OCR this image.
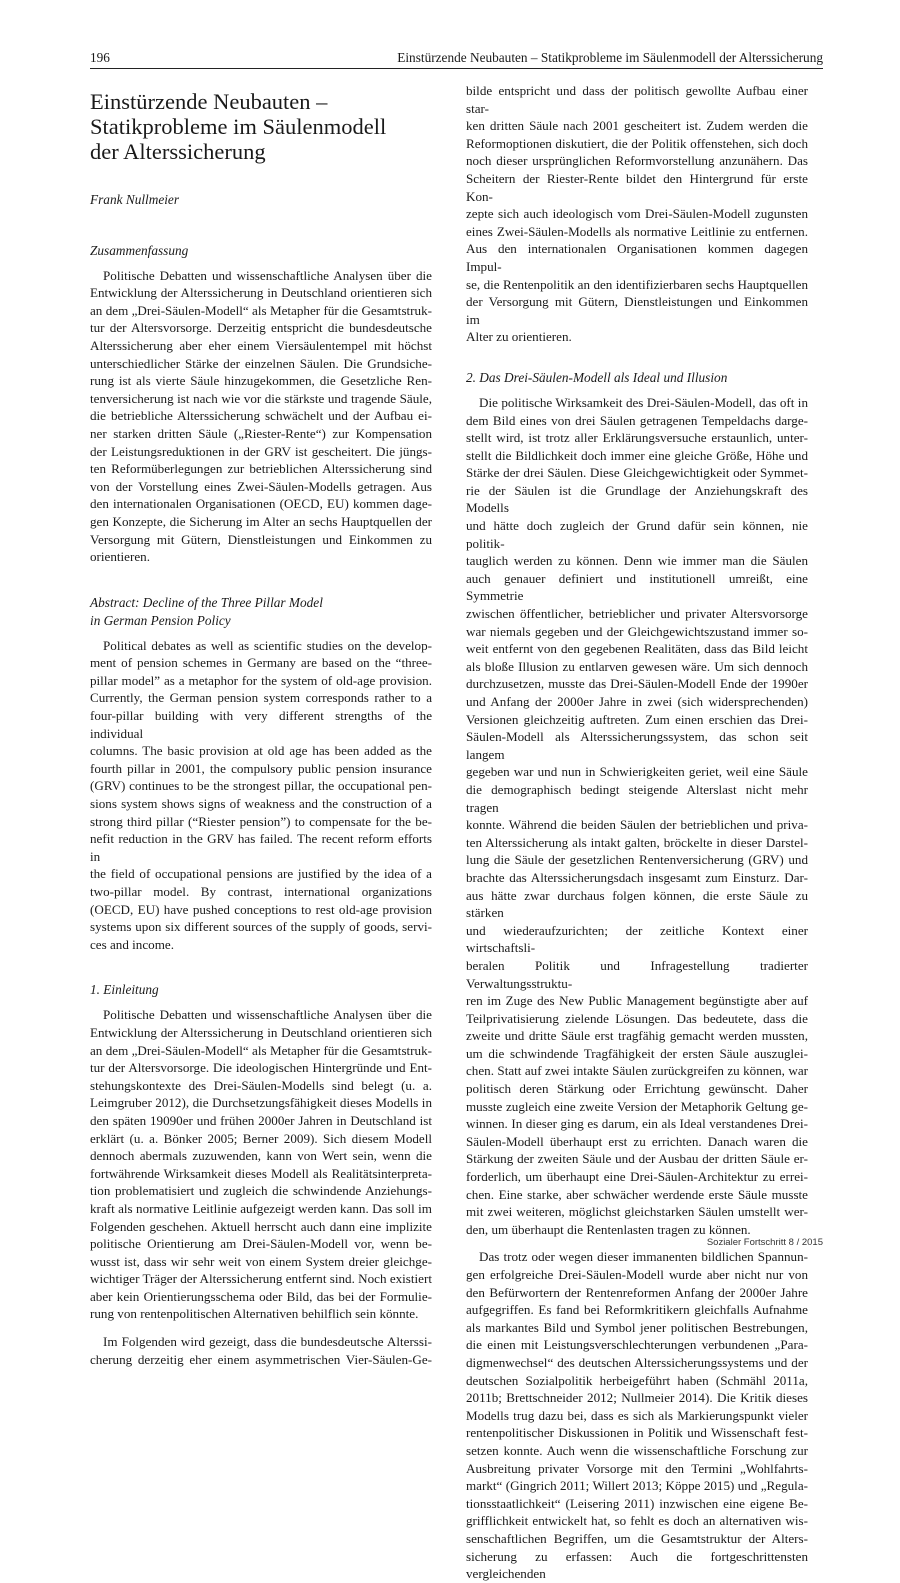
196	Einstürzende Neubauten – Statikprobleme im Säulenmodell der Alterssicherung
Einstürzende Neubauten –
Statikprobleme im Säulenmodell
der Alterssicherung
Frank Nullmeier
Zusammenfassung
Politische Debatten und wissenschaftliche Analysen über die
Entwicklung der Alterssicherung in Deutschland orientieren sich
an dem „Drei-Säulen-Modell“ als Metapher für die Gesamtstruk-
tur der Altersvorsorge. Derzeitig entspricht die bundesdeutsche
Alterssicherung aber eher einem Viersäulentempel mit höchst
unterschiedlicher Stärke der einzelnen Säulen. Die Grundsiche-
rung ist als vierte Säule hinzugekommen, die Gesetzliche Ren-
tenversicherung ist nach wie vor die stärkste und tragende Säule,
die betriebliche Alterssicherung schwächelt und der Aufbau ei-
ner starken dritten Säule („Riester-Rente“) zur Kompensation
der Leistungsreduktionen in der GRV ist gescheitert. Die jüngs-
ten Reformüberlegungen zur betrieblichen Alterssicherung sind
von der Vorstellung eines Zwei-Säulen-Modells getragen. Aus
den internationalen Organisationen (OECD, EU) kommen dage-
gen Konzepte, die Sicherung im Alter an sechs Hauptquellen der
Versorgung mit Gütern, Dienstleistungen und Einkommen zu
orientieren.
Abstract: Decline of the Three Pillar Model
in German Pension Policy
Political debates as well as scientific studies on the develop-
ment of pension schemes in Germany are based on the “three-
pillar model” as a metaphor for the system of old-age provision.
Currently, the German pension system corresponds rather to a
four-pillar building with very different strengths of the individual
columns. The basic provision at old age has been added as the
fourth pillar in 2001, the compulsory public pension insurance
(GRV) continues to be the strongest pillar, the occupational pen-
sions system shows signs of weakness and the construction of a
strong third pillar (“Riester pension”) to compensate for the be-
nefit reduction in the GRV has failed. The recent reform efforts in
the field of occupational pensions are justified by the idea of a
two-pillar model. By contrast, international organizations
(OECD, EU) have pushed conceptions to rest old-age provision
systems upon six different sources of the supply of goods, servi-
ces and income.
1. Einleitung
Politische Debatten und wissenschaftliche Analysen über die
Entwicklung der Alterssicherung in Deutschland orientieren sich
an dem „Drei-Säulen-Modell“ als Metapher für die Gesamtstruk-
tur der Altersvorsorge. Die ideologischen Hintergründe und Ent-
stehungskontexte des Drei-Säulen-Modells sind belegt (u. a.
Leimgruber 2012), die Durchsetzungsfähigkeit dieses Modells in
den späten 19090er und frühen 2000er Jahren in Deutschland ist
erklärt (u. a. Bönker 2005; Berner 2009). Sich diesem Modell
dennoch abermals zuzuwenden, kann von Wert sein, wenn die
fortwährende Wirksamkeit dieses Modell als Realitätsinterpreta-
tion problematisiert und zugleich die schwindende Anziehungs-
kraft als normative Leitlinie aufgezeigt werden kann. Das soll im
Folgenden geschehen. Aktuell herrscht auch dann eine implizite
politische Orientierung am Drei-Säulen-Modell vor, wenn be-
wusst ist, dass wir sehr weit von einem System dreier gleichge-
wichtiger Träger der Alterssicherung entfernt sind. Noch existiert
aber kein Orientierungsschema oder Bild, das bei der Formulie-
rung von rentenpolitischen Alternativen behilflich sein könnte.
Im Folgenden wird gezeigt, dass die bundesdeutsche Alterssi-
cherung derzeitig eher einem asymmetrischen Vier-Säulen-Ge-
bilde entspricht und dass der politisch gewollte Aufbau einer star-
ken dritten Säule nach 2001 gescheitert ist. Zudem werden die
Reformoptionen diskutiert, die der Politik offenstehen, sich doch
noch dieser ursprünglichen Reformvorstellung anzunähern. Das
Scheitern der Riester-Rente bildet den Hintergrund für erste Kon-
zepte sich auch ideologisch vom Drei-Säulen-Modell zugunsten
eines Zwei-Säulen-Modells als normative Leitlinie zu entfernen.
Aus den internationalen Organisationen kommen dagegen Impul-
se, die Rentenpolitik an den identifizierbaren sechs Hauptquellen
der Versorgung mit Gütern, Dienstleistungen und Einkommen im
Alter zu orientieren.
2. Das Drei-Säulen-Modell als Ideal und Illusion
Die politische Wirksamkeit des Drei-Säulen-Modell, das oft in
dem Bild eines von drei Säulen getragenen Tempeldachs darge-
stellt wird, ist trotz aller Erklärungsversuche erstaunlich, unter-
stellt die Bildlichkeit doch immer eine gleiche Größe, Höhe und
Stärke der drei Säulen. Diese Gleichgewichtigkeit oder Symmet-
rie der Säulen ist die Grundlage der Anziehungskraft des Modells
und hätte doch zugleich der Grund dafür sein können, nie politik-
tauglich werden zu können. Denn wie immer man die Säulen
auch genauer definiert und institutionell umreißt, eine Symmetrie
zwischen öffentlicher, betrieblicher und privater Altersvorsorge
war niemals gegeben und der Gleichgewichtszustand immer so-
weit entfernt von den gegebenen Realitäten, dass das Bild leicht
als bloße Illusion zu entlarven gewesen wäre. Um sich dennoch
durchzusetzen, musste das Drei-Säulen-Modell Ende der 1990er
und Anfang der 2000er Jahre in zwei (sich widersprechenden)
Versionen gleichzeitig auftreten. Zum einen erschien das Drei-
Säulen-Modell als Alterssicherungssystem, das schon seit langem
gegeben war und nun in Schwierigkeiten geriet, weil eine Säule
die demographisch bedingt steigende Alterslast nicht mehr tragen
konnte. Während die beiden Säulen der betrieblichen und priva-
ten Alterssicherung als intakt galten, bröckelte in dieser Darstel-
lung die Säule der gesetzlichen Rentenversicherung (GRV) und
brachte das Alterssicherungsdach insgesamt zum Einsturz. Dar-
aus hätte zwar durchaus folgen können, die erste Säule zu stärken
und wiederaufzurichten; der zeitliche Kontext einer wirtschaftsli-
beralen Politik und Infragestellung tradierter Verwaltungsstruktu-
ren im Zuge des New Public Management begünstigte aber auf
Teilprivatisierung zielende Lösungen. Das bedeutete, dass die
zweite und dritte Säule erst tragfähig gemacht werden mussten,
um die schwindende Tragfähigkeit der ersten Säule auszuglei-
chen. Statt auf zwei intakte Säulen zurückgreifen zu können, war
politisch deren Stärkung oder Errichtung gewünscht. Daher
musste zugleich eine zweite Version der Metaphorik Geltung ge-
winnen. In dieser ging es darum, ein als Ideal verstandenes Drei-
Säulen-Modell überhaupt erst zu errichten. Danach waren die
Stärkung der zweiten Säule und der Ausbau der dritten Säule er-
forderlich, um überhaupt eine Drei-Säulen-Architektur zu errei-
chen. Eine starke, aber schwächer werdende erste Säule musste
mit zwei weiteren, möglichst gleichstarken Säulen umstellt wer-
den, um überhaupt die Rentenlasten tragen zu können.
Das trotz oder wegen dieser immanenten bildlichen Spannun-
gen erfolgreiche Drei-Säulen-Modell wurde aber nicht nur von
den Befürwortern der Rentenreformen Anfang der 2000er Jahre
aufgegriffen. Es fand bei Reformkritikern gleichfalls Aufnahme
als markantes Bild und Symbol jener politischen Bestrebungen,
die einen mit Leistungsverschlechterungen verbundenen „Para-
digmenwechsel“ des deutschen Alterssicherungssystems und der
deutschen Sozialpolitik herbeigeführt haben (Schmähl 2011a,
2011b; Brettschneider 2012; Nullmeier 2014). Die Kritik dieses
Modells trug dazu bei, dass es sich als Markierungspunkt vieler
rentenpolitischer Diskussionen in Politik und Wissenschaft fest-
setzen konnte. Auch wenn die wissenschaftliche Forschung zur
Ausbreitung privater Vorsorge mit den Termini „Wohlfahrts-
markt“ (Gingrich 2011; Willert 2013; Köppe 2015) und „Regula-
tionsstaatlichkeit“ (Leisering 2011) inzwischen eine eigene Be-
grifflichkeit entwickelt hat, so fehlt es doch an alternativen wis-
senschaftlichen Begriffen, um die Gesamtstruktur der Alters-
sicherung zu erfassen: Auch die fortgeschrittensten vergleichenden
Sozialer Fortschritt 8 / 2015
